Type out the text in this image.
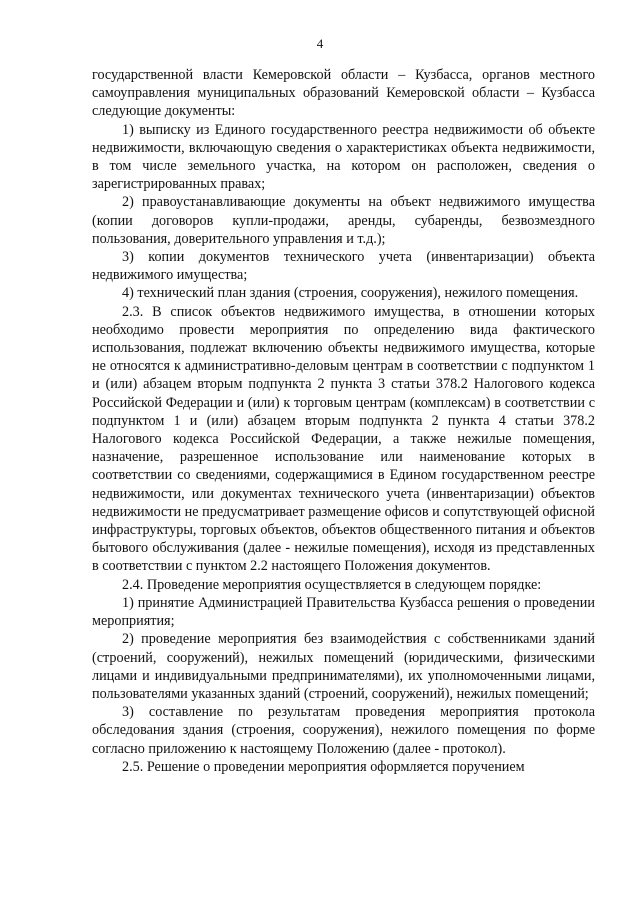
4

государственной власти Кемеровской области – Кузбасса, органов местного самоуправления муниципальных образований Кемеровской области – Кузбасса следующие документы:

1) выписку из Единого государственного реестра недвижимости об объекте недвижимости, включающую сведения о характеристиках объекта недвижимости, в том числе земельного участка, на котором он расположен, сведения о зарегистрированных правах;

2) правоустанавливающие документы на объект недвижимого имущества (копии договоров купли-продажи, аренды, субаренды, безвозмездного пользования, доверительного управления и т.д.);

3) копии документов технического учета (инвентаризации) объекта недвижимого имущества;

4) технический план здания (строения, сооружения), нежилого помещения.

2.3. В список объектов недвижимого имущества, в отношении которых необходимо провести мероприятия по определению вида фактического использования, подлежат включению объекты недвижимого имущества, которые не относятся к административно-деловым центрам в соответствии с подпунктом 1 и (или) абзацем вторым подпункта 2 пункта 3 статьи 378.2 Налогового кодекса Российской Федерации и (или) к торговым центрам (комплексам) в соответствии с подпунктом 1 и (или) абзацем вторым подпункта 2 пункта 4 статьи 378.2 Налогового кодекса Российской Федерации, а также нежилые помещения, назначение, разрешенное использование или наименование которых в соответствии со сведениями, содержащимися в Едином государственном реестре недвижимости, или документах технического учета (инвентаризации) объектов недвижимости не предусматривает размещение офисов и сопутствующей офисной инфраструктуры, торговых объектов, объектов общественного питания и объектов бытового обслуживания (далее - нежилые помещения), исходя из представленных в соответствии с пунктом 2.2 настоящего Положения документов.

2.4. Проведение мероприятия осуществляется в следующем порядке:

1) принятие Администрацией Правительства Кузбасса решения о проведении мероприятия;

2) проведение мероприятия без взаимодействия с собственниками зданий (строений, сооружений), нежилых помещений (юридическими, физическими лицами и индивидуальными предпринимателями), их уполномоченными лицами, пользователями указанных зданий (строений, сооружений), нежилых помещений;

3) составление по результатам проведения мероприятия протокола обследования здания (строения, сооружения), нежилого помещения по форме согласно приложению к настоящему Положению (далее - протокол).

2.5. Решение о проведении мероприятия оформляется поручением
